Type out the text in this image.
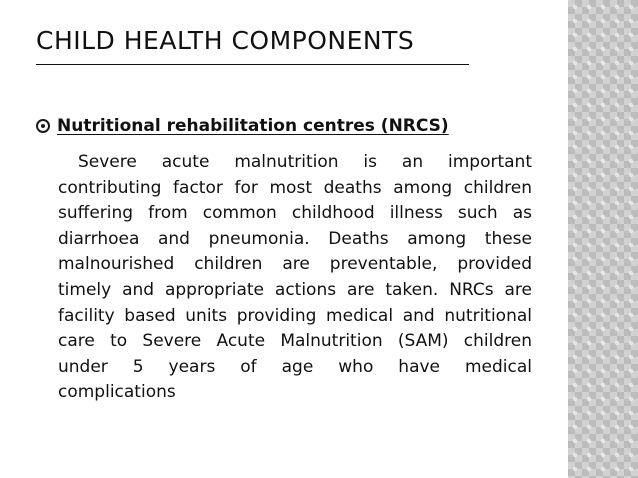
CHILD HEALTH COMPONENTS
Nutritional rehabilitation centres (NRCS)

Severe acute malnutrition is an important contributing factor for most deaths among children suffering from common childhood illness such as diarrhoea and pneumonia. Deaths among these malnourished children are preventable, provided timely and appropriate actions are taken. NRCs are facility based units providing medical and nutritional care to Severe Acute Malnutrition (SAM) children under 5 years of age who have medical complications
